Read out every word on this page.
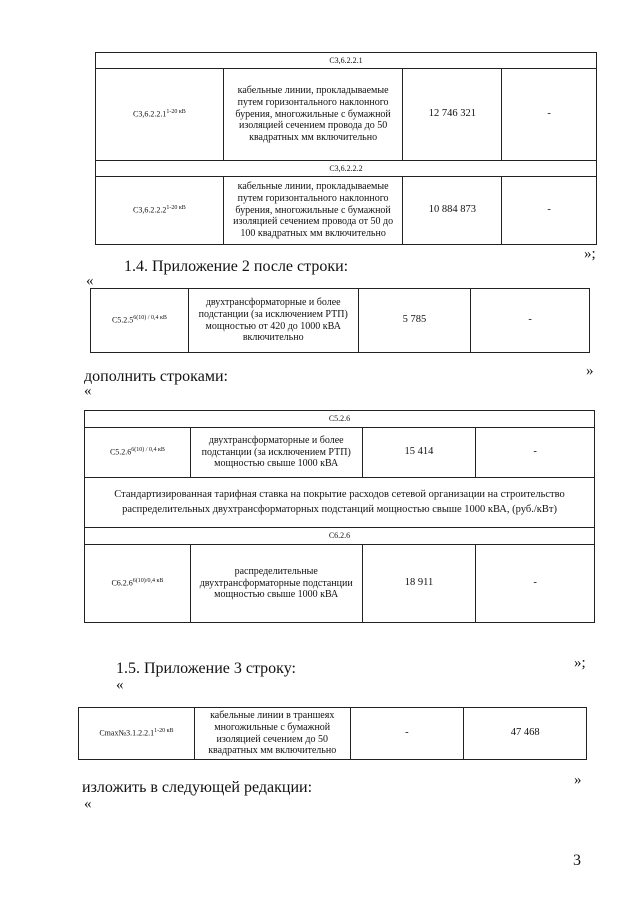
C3,6.2.2.1			
$C3,6.2.2.1^{1-20 кВ}$	кабельные линии, прокладываемые путем горизонтального наклонного бурения, многожильные с бумажной изоляцией сечением провода до 50 квадратных мм включительно	12 746 321	-
C3,6.2.2.2			
$C3,6.2.2.2^{1-20 кВ}$	кабельные линии, прокладываемые путем горизонтального наклонного бурения, многожильные с бумажной изоляцией сечением провода от 50 до 100 квадратных мм включительно	10 884 873	-
»;
1.4. Приложение 2 после строки:
«
$C5.2.5^{6(10) / 0,4 кВ}$	двухтрансформаторные и более подстанции (за исключением РТП) мощностью от 420 до 1000 кВА включительно	5 785	-
»
дополнить строками:
«
C5.2.6			
$C5.2.6^{6(10) / 0,4 кВ}$	двухтрансформаторные и более подстанции (за исключением РТП) мощностью свыше 1000 кВА	15 414	-
Стандартизированная тарифная ставка на покрытие расходов сетевой организации на строительство распределительных двухтрансформаторных подстанций мощностью свыше 1000 кВА, (руб./кВт)			
C6.2.6			
$C6.2.6^{6(10)/0,4 кВ}$	распределительные двухтрансформаторные подстанции мощностью свыше 1000 кВА	18 911	-
»;
1.5. Приложение 3 строку:
«
$Cmax№3.1.2.2.1^{1-20 кВ}$	кабельные линии в траншеях многожильные с бумажной изоляцией сечением до 50 квадратных мм включительно	-	47 468
»
изложить в следующей редакции:
«
3
